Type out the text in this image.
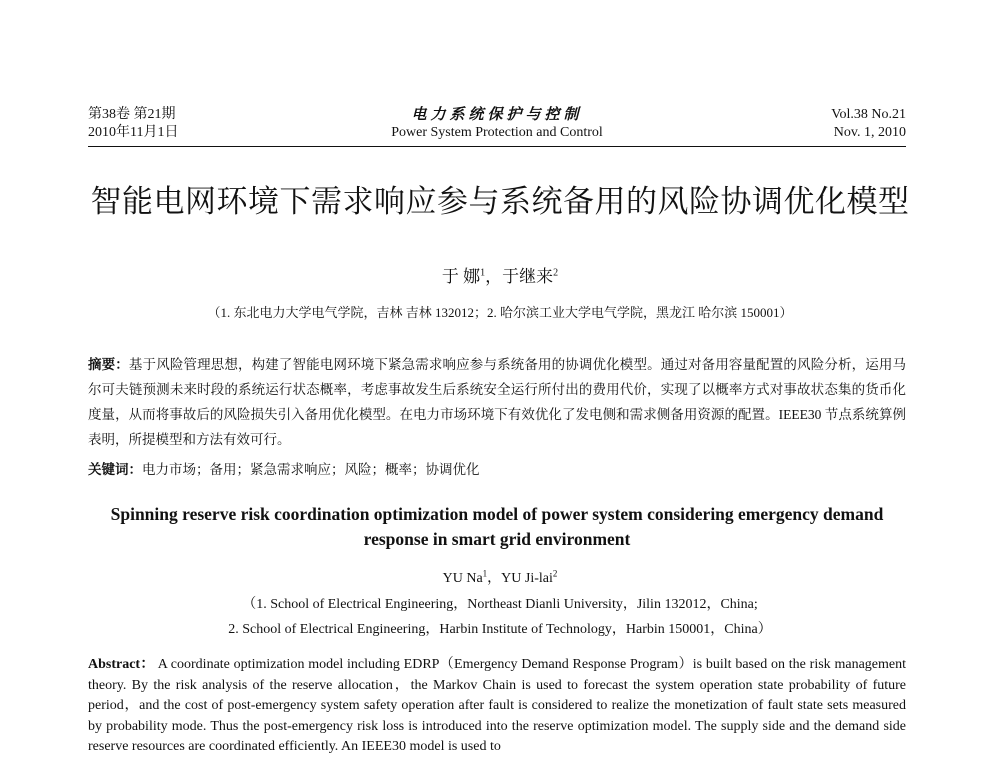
第38卷 第21期
2010年11月1日
电力系统保护与控制
Power System Protection and Control
Vol.38 No.21
Nov. 1, 2010
智能电网环境下需求响应参与系统备用的风险协调优化模型
于 娜$^1$，于继来$^2$
（1. 东北电力大学电气学院，吉林 吉林 132012；2. 哈尔滨工业大学电气学院，黑龙江 哈尔滨 150001）
摘要：基于风险管理思想，构建了智能电网环境下紧急需求响应参与系统备用的协调优化模型。通过对备用容量配置的风险分析，运用马尔可夫链预测未来时段的系统运行状态概率，考虑事故发生后系统安全运行所付出的费用代价，实现了以概率方式对事故状态集的货币化度量，从而将事故后的风险损失引入备用优化模型。在电力市场环境下有效优化了发电侧和需求侧备用资源的配置。IEEE30 节点系统算例表明，所提模型和方法有效可行。
关键词：电力市场；备用；紧急需求响应；风险；概率；协调优化
Spinning reserve risk coordination optimization model of power system considering emergency demand response in smart grid environment
YU Na$^1$，YU Ji-lai$^2$
（1. School of Electrical Engineering，Northeast Dianli University，Jilin 132012，China;
2. School of Electrical Engineering，Harbin Institute of Technology，Harbin 150001，China）
Abstract： A coordinate optimization model including EDRP（Emergency Demand Response Program）is built based on the risk management theory. By the risk analysis of the reserve allocation，the Markov Chain is used to forecast the system operation state probability of future period，and the cost of post-emergency system safety operation after fault is considered to realize the monetization of fault state sets measured by probability mode. Thus the post-emergency risk loss is introduced into the reserve optimization model. The supply side and the demand side reserve resources are coordinated efficiently. An IEEE30 model is used to
